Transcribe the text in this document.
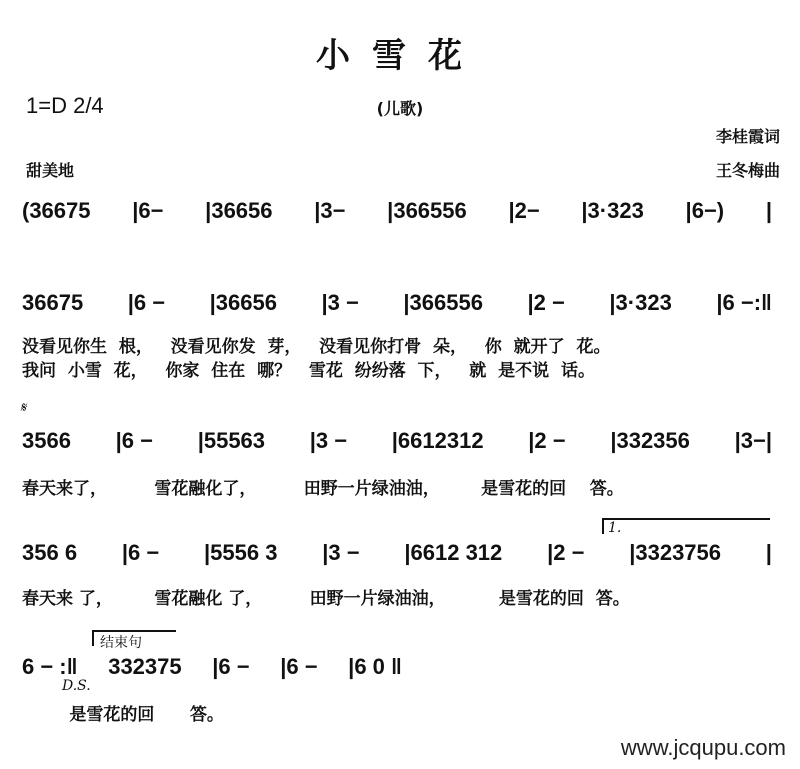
小雪花
1=D 2/4	(儿歌)
李桂霞词
王冬梅曲
甜美地
(36675 |6− |36656 |3− |366556 |2− |3·323 |6−) |
36675 |6 − |36656 |3 − |366556 |2 − |3·323 |6 −:‖
没看见你生  根，   没看见你发  芽，   没看见你打骨  朵，   你  就开了  花。
我问  小雪  花，   你家  住在  哪？   雪花  纷纷落  下，   就  是不说  话。
𝄋
3566 |6 − |55563 |3 − |6612312 |2 − |332356 |3−|
春天来了，        雪花融化了，        田野一片绿油油，       是雪花的回    答。
1.
356 6 |6 − |5556 3 |3 − |6612 312 |2 − |3323756 |
春天来 了，       雪花融化 了，        田野一片绿油油，         是雪花的回  答。
结束句
6 − :‖ 332375 |6 − |6 − |6 0 ‖
D.S.
是雪花的回      答。
www.jcqupu.com
